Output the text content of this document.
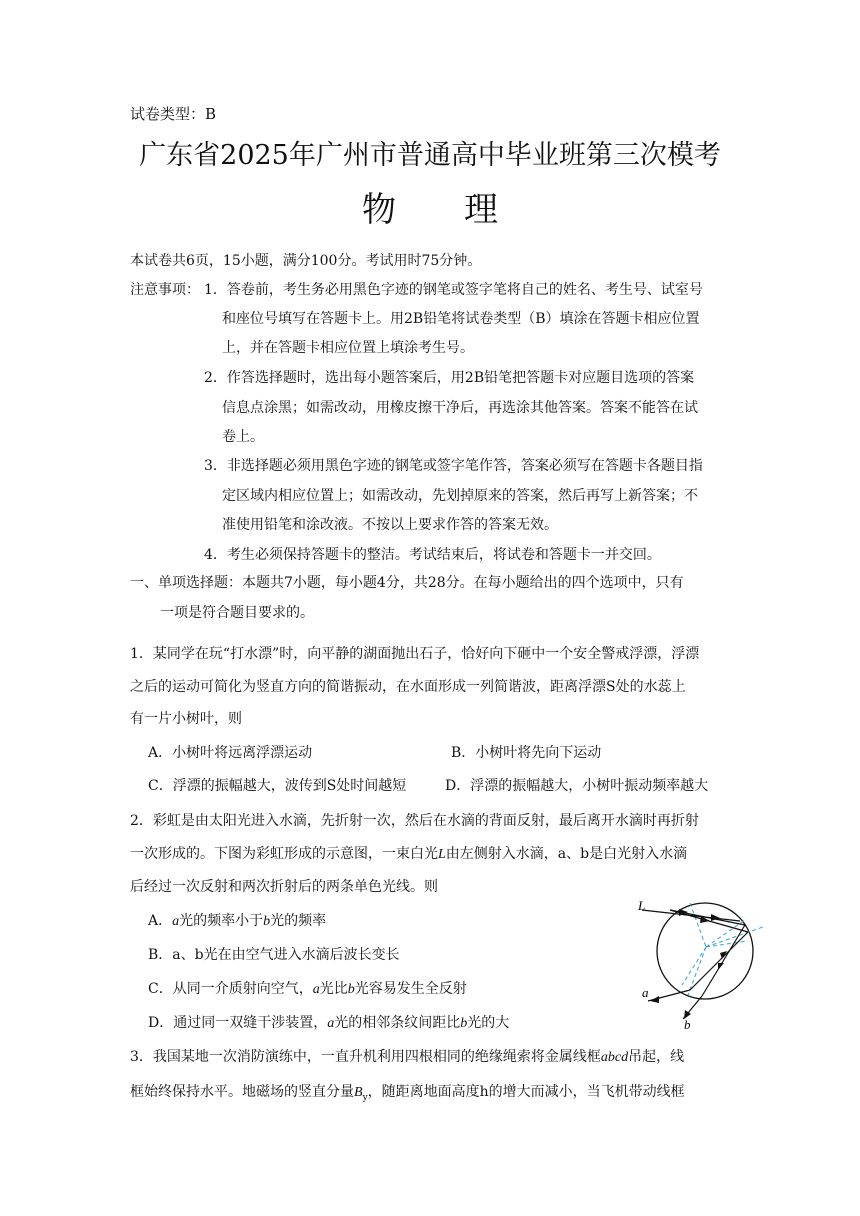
试卷类型：B
广东省2025年广州市普通高中毕业班第三次模考
物　　理
本试卷共6页，15小题，满分100分。考试用时75分钟。
注意事项： 1．答卷前，考生务必用黑色字迹的钢笔或签字笔将自己的姓名、考生号、试室号
和座位号填写在答题卡上。用2B铅笔将试卷类型（B）填涂在答题卡相应位置
上，并在答题卡相应位置上填涂考生号。
2．作答选择题时，选出每小题答案后，用2B铅笔把答题卡对应题目选项的答案
信息点涂黑；如需改动，用橡皮擦干净后，再选涂其他答案。答案不能答在试
卷上。
3．非选择题必须用黑色字迹的钢笔或签字笔作答，答案必须写在答题卡各题目指
定区域内相应位置上；如需改动，先划掉原来的答案，然后再写上新答案；不
准使用铅笔和涂改液。不按以上要求作答的答案无效。
4．考生必须保持答题卡的整洁。考试结束后，将试卷和答题卡一并交回。
一、单项选择题：本题共7小题，每小题4分，共28分。在每小题给出的四个选项中，只有
一项是符合题目要求的。
1．某同学在玩“打水漂”时，向平静的湖面抛出石子，恰好向下砸中一个安全警戒浮漂，浮漂
之后的运动可简化为竖直方向的简谐振动，在水面形成一列简谐波，距离浮漂S处的水蕊上
有一片小树叶，则
A．小树叶将远离浮漂运动	B．小树叶将先向下运动
C．浮漂的振幅越大，波传到S处时间越短	D．浮漂的振幅越大，小树叶振动频率越大
2．彩虹是由太阳光进入水滴，先折射一次，然后在水滴的背面反射，最后离开水滴时再折射
一次形成的。下图为彩虹形成的示意图，一束白光L由左侧射入水滴，a、b是白光射入水滴
后经过一次反射和两次折射后的两条单色光线。则
A．a光的频率小于b光的频率
B．a、b光在由空气进入水滴后波长变长
C．从同一介质射向空气，a光比b光容易发生全反射
D．通过同一双缝干涉装置，a光的相邻条纹间距比b光的大
L
a
b
3．我国某地一次消防演练中，一直升机利用四根相同的绝缘绳索将金属线框abcd吊起，线
框始终保持水平。地磁场的竖直分量$B_y$，随距离地面高度h的增大而减小，当飞机带动线框
